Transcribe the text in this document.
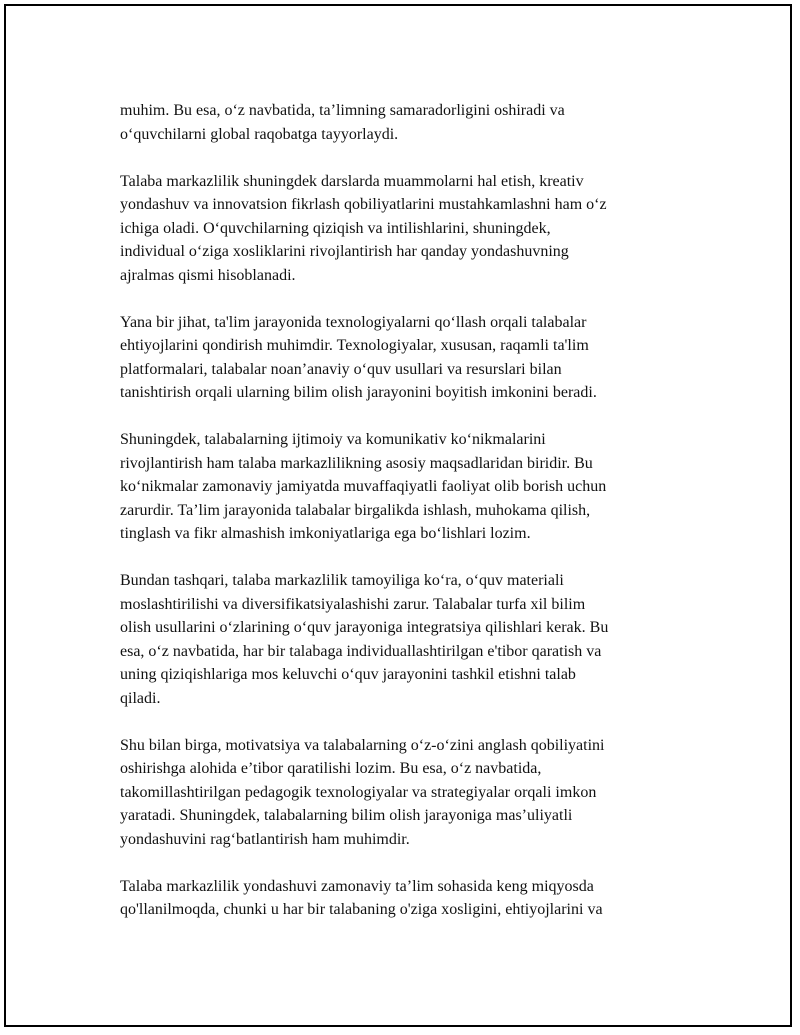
muhim. Bu esa, o‘z navbatida, ta’limning samaradorligini oshiradi va
o‘quvchilarni global raqobatga tayyorlaydi.

Talaba markazlilik shuningdek darslarda muammolarni hal etish, kreativ
yondashuv va innovatsion fikrlash qobiliyatlarini mustahkamlashni ham o‘z
ichiga oladi. O‘quvchilarning qiziqish va intilishlarini, shuningdek,
individual o‘ziga xosliklarini rivojlantirish har qanday yondashuvning
ajralmas qismi hisoblanadi.

Yana bir jihat, ta'lim jarayonida texnologiyalarni qo‘llash orqali talabalar
ehtiyojlarini qondirish muhimdir. Texnologiyalar, xususan, raqamli ta'lim
platformalari, talabalar noan’anaviy o‘quv usullari va resurslari bilan
tanishtirish orqali ularning bilim olish jarayonini boyitish imkonini beradi.

Shuningdek, talabalarning ijtimoiy va komunikativ ko‘nikmalarini
rivojlantirish ham talaba markazlilikning asosiy maqsadlaridan biridir. Bu
ko‘nikmalar zamonaviy jamiyatda muvaffaqiyatli faoliyat olib borish uchun
zarurdir. Ta’lim jarayonida talabalar birgalikda ishlash, muhokama qilish,
tinglash va fikr almashish imkoniyatlariga ega bo‘lishlari lozim.

Bundan tashqari, talaba markazlilik tamoyiliga ko‘ra, o‘quv materiali
moslashtirilishi va diversifikatsiyalashishi zarur. Talabalar turfa xil bilim
olish usullarini o‘zlarining o‘quv jarayoniga integratsiya qilishlari kerak. Bu
esa, o‘z navbatida, har bir talabaga individuallashtirilgan e'tibor qaratish va
uning qiziqishlariga mos keluvchi o‘quv jarayonini tashkil etishni talab
qiladi.

Shu bilan birga, motivatsiya va talabalarning o‘z-o‘zini anglash qobiliyatini
oshirishga alohida e’tibor qaratilishi lozim. Bu esa, o‘z navbatida,
takomillashtirilgan pedagogik texnologiyalar va strategiyalar orqali imkon
yaratadi. Shuningdek, talabalarning bilim olish jarayoniga mas’uliyatli
yondashuvini rag‘batlantirish ham muhimdir.

Talaba markazlilik yondashuvi zamonaviy ta’lim sohasida keng miqyosda
qo'llanilmoqda, chunki u har bir talabaning o'ziga xosligini, ehtiyojlarini va
